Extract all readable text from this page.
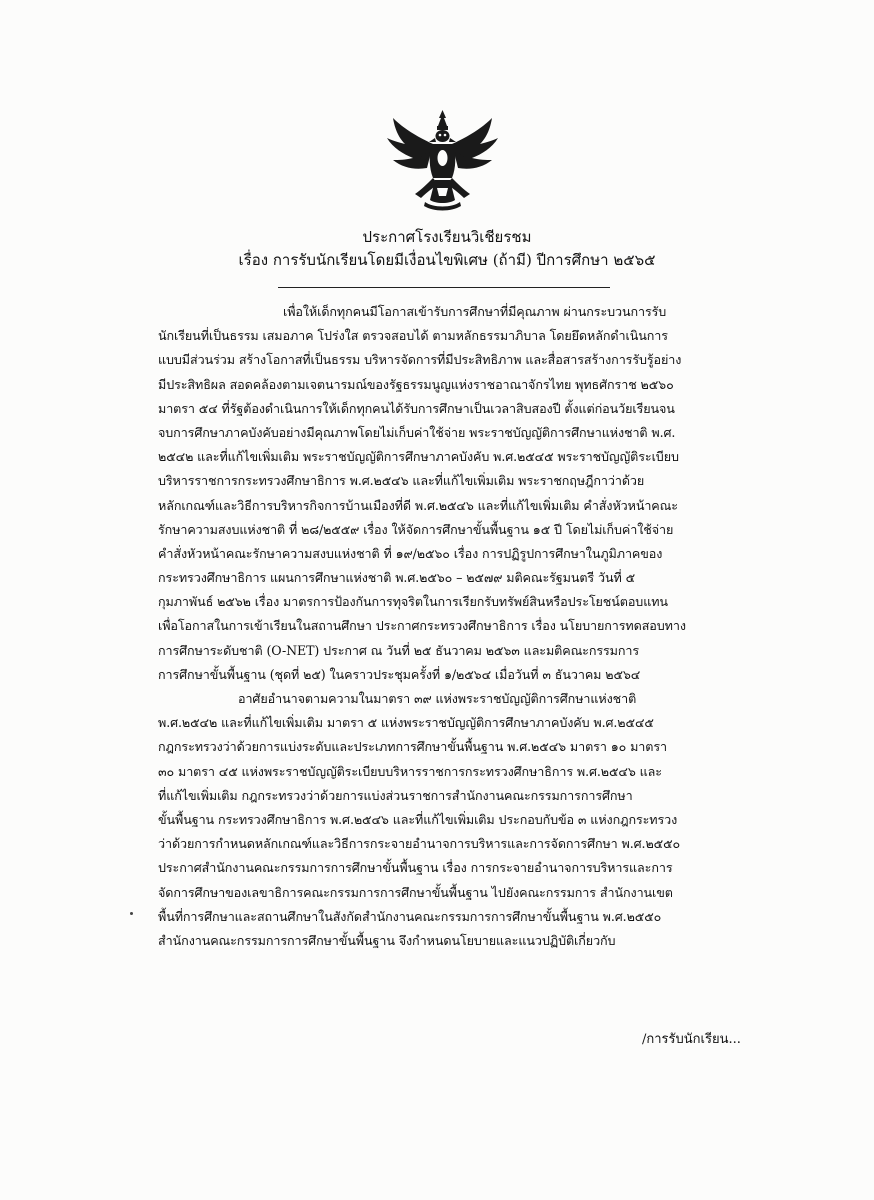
ประกาศโรงเรียนวิเชียรชม
เรื่อง การรับนักเรียนโดยมีเงื่อนไขพิเศษ (ถ้ามี) ปีการศึกษา ๒๕๖๕
เพื่อให้เด็กทุกคนมีโอกาสเข้ารับการศึกษาที่มีคุณภาพ ผ่านกระบวนการรับ
นักเรียนที่เป็นธรรม เสมอภาค โปร่งใส ตรวจสอบได้ ตามหลักธรรมาภิบาล โดยยึดหลักดำเนินการ
แบบมีส่วนร่วม สร้างโอกาสที่เป็นธรรม บริหารจัดการที่มีประสิทธิภาพ และสื่อสารสร้างการรับรู้อย่าง
มีประสิทธิผล สอดคล้องตามเจตนารมณ์ของรัฐธรรมนูญแห่งราชอาณาจักรไทย พุทธศักราช ๒๕๖๐
มาตรา ๕๔ ที่รัฐต้องดำเนินการให้เด็กทุกคนได้รับการศึกษาเป็นเวลาสิบสองปี ตั้งแต่ก่อนวัยเรียนจน
จบการศึกษาภาคบังคับอย่างมีคุณภาพโดยไม่เก็บค่าใช้จ่าย พระราชบัญญัติการศึกษาแห่งชาติ พ.ศ.
๒๕๔๒ และที่แก้ไขเพิ่มเติม พระราชบัญญัติการศึกษาภาคบังคับ พ.ศ.๒๕๔๕ พระราชบัญญัติระเบียบ
บริหารราชการกระทรวงศึกษาธิการ พ.ศ.๒๕๔๖ และที่แก้ไขเพิ่มเติม พระราชกฤษฎีกาว่าด้วย
หลักเกณฑ์และวิธีการบริหารกิจการบ้านเมืองที่ดี พ.ศ.๒๕๔๖ และที่แก้ไขเพิ่มเติม คำสั่งหัวหน้าคณะ
รักษาความสงบแห่งชาติ ที่ ๒๘/๒๕๕๙ เรื่อง ให้จัดการศึกษาขั้นพื้นฐาน ๑๕ ปี โดยไม่เก็บค่าใช้จ่าย
คำสั่งหัวหน้าคณะรักษาความสงบแห่งชาติ ที่ ๑๙/๒๕๖๐ เรื่อง การปฏิรูปการศึกษาในภูมิภาคของ
กระทรวงศึกษาธิการ แผนการศึกษาแห่งชาติ พ.ศ.๒๕๖๐ – ๒๕๗๙ มติคณะรัฐมนตรี วันที่ ๕
กุมภาพันธ์ ๒๕๖๒ เรื่อง มาตรการป้องกันการทุจริตในการเรียกรับทรัพย์สินหรือประโยชน์ตอบแทน
เพื่อโอกาสในการเข้าเรียนในสถานศึกษา ประกาศกระทรวงศึกษาธิการ เรื่อง นโยบายการทดสอบทาง
การศึกษาระดับชาติ (O-NET) ประกาศ ณ วันที่ ๒๕ ธันวาคม ๒๕๖๓ และมติคณะกรรมการ
การศึกษาขั้นพื้นฐาน (ชุดที่ ๒๕) ในคราวประชุมครั้งที่ ๑/๒๕๖๔ เมื่อวันที่ ๓ ธันวาคม ๒๕๖๔
อาศัยอำนาจตามความในมาตรา ๓๙ แห่งพระราชบัญญัติการศึกษาแห่งชาติ
พ.ศ.๒๕๔๒ และที่แก้ไขเพิ่มเติม มาตรา ๕ แห่งพระราชบัญญัติการศึกษาภาคบังคับ พ.ศ.๒๕๔๕
กฎกระทรวงว่าด้วยการแบ่งระดับและประเภทการศึกษาขั้นพื้นฐาน พ.ศ.๒๕๔๖ มาตรา ๑๐ มาตรา
๓๐ มาตรา ๔๕ แห่งพระราชบัญญัติระเบียบบริหารราชการกระทรวงศึกษาธิการ พ.ศ.๒๕๔๖ และ
ที่แก้ไขเพิ่มเติม กฎกระทรวงว่าด้วยการแบ่งส่วนราชการสำนักงานคณะกรรมการการศึกษา
ขั้นพื้นฐาน กระทรวงศึกษาธิการ พ.ศ.๒๕๔๖ และที่แก้ไขเพิ่มเติม ประกอบกับข้อ ๓ แห่งกฎกระทรวง
ว่าด้วยการกำหนดหลักเกณฑ์และวิธีการกระจายอำนาจการบริหารและการจัดการศึกษา พ.ศ.๒๕๕๐
ประกาศสำนักงานคณะกรรมการการศึกษาขั้นพื้นฐาน เรื่อง การกระจายอำนาจการบริหารและการ
จัดการศึกษาของเลขาธิการคณะกรรมการการศึกษาขั้นพื้นฐาน ไปยังคณะกรรมการ สำนักงานเขต
พื้นที่การศึกษาและสถานศึกษาในสังกัดสำนักงานคณะกรรมการการศึกษาขั้นพื้นฐาน พ.ศ.๒๕๕๐
สำนักงานคณะกรรมการการศึกษาขั้นพื้นฐาน จึงกำหนดนโยบายและแนวปฏิบัติเกี่ยวกับ
/การรับนักเรียน...
